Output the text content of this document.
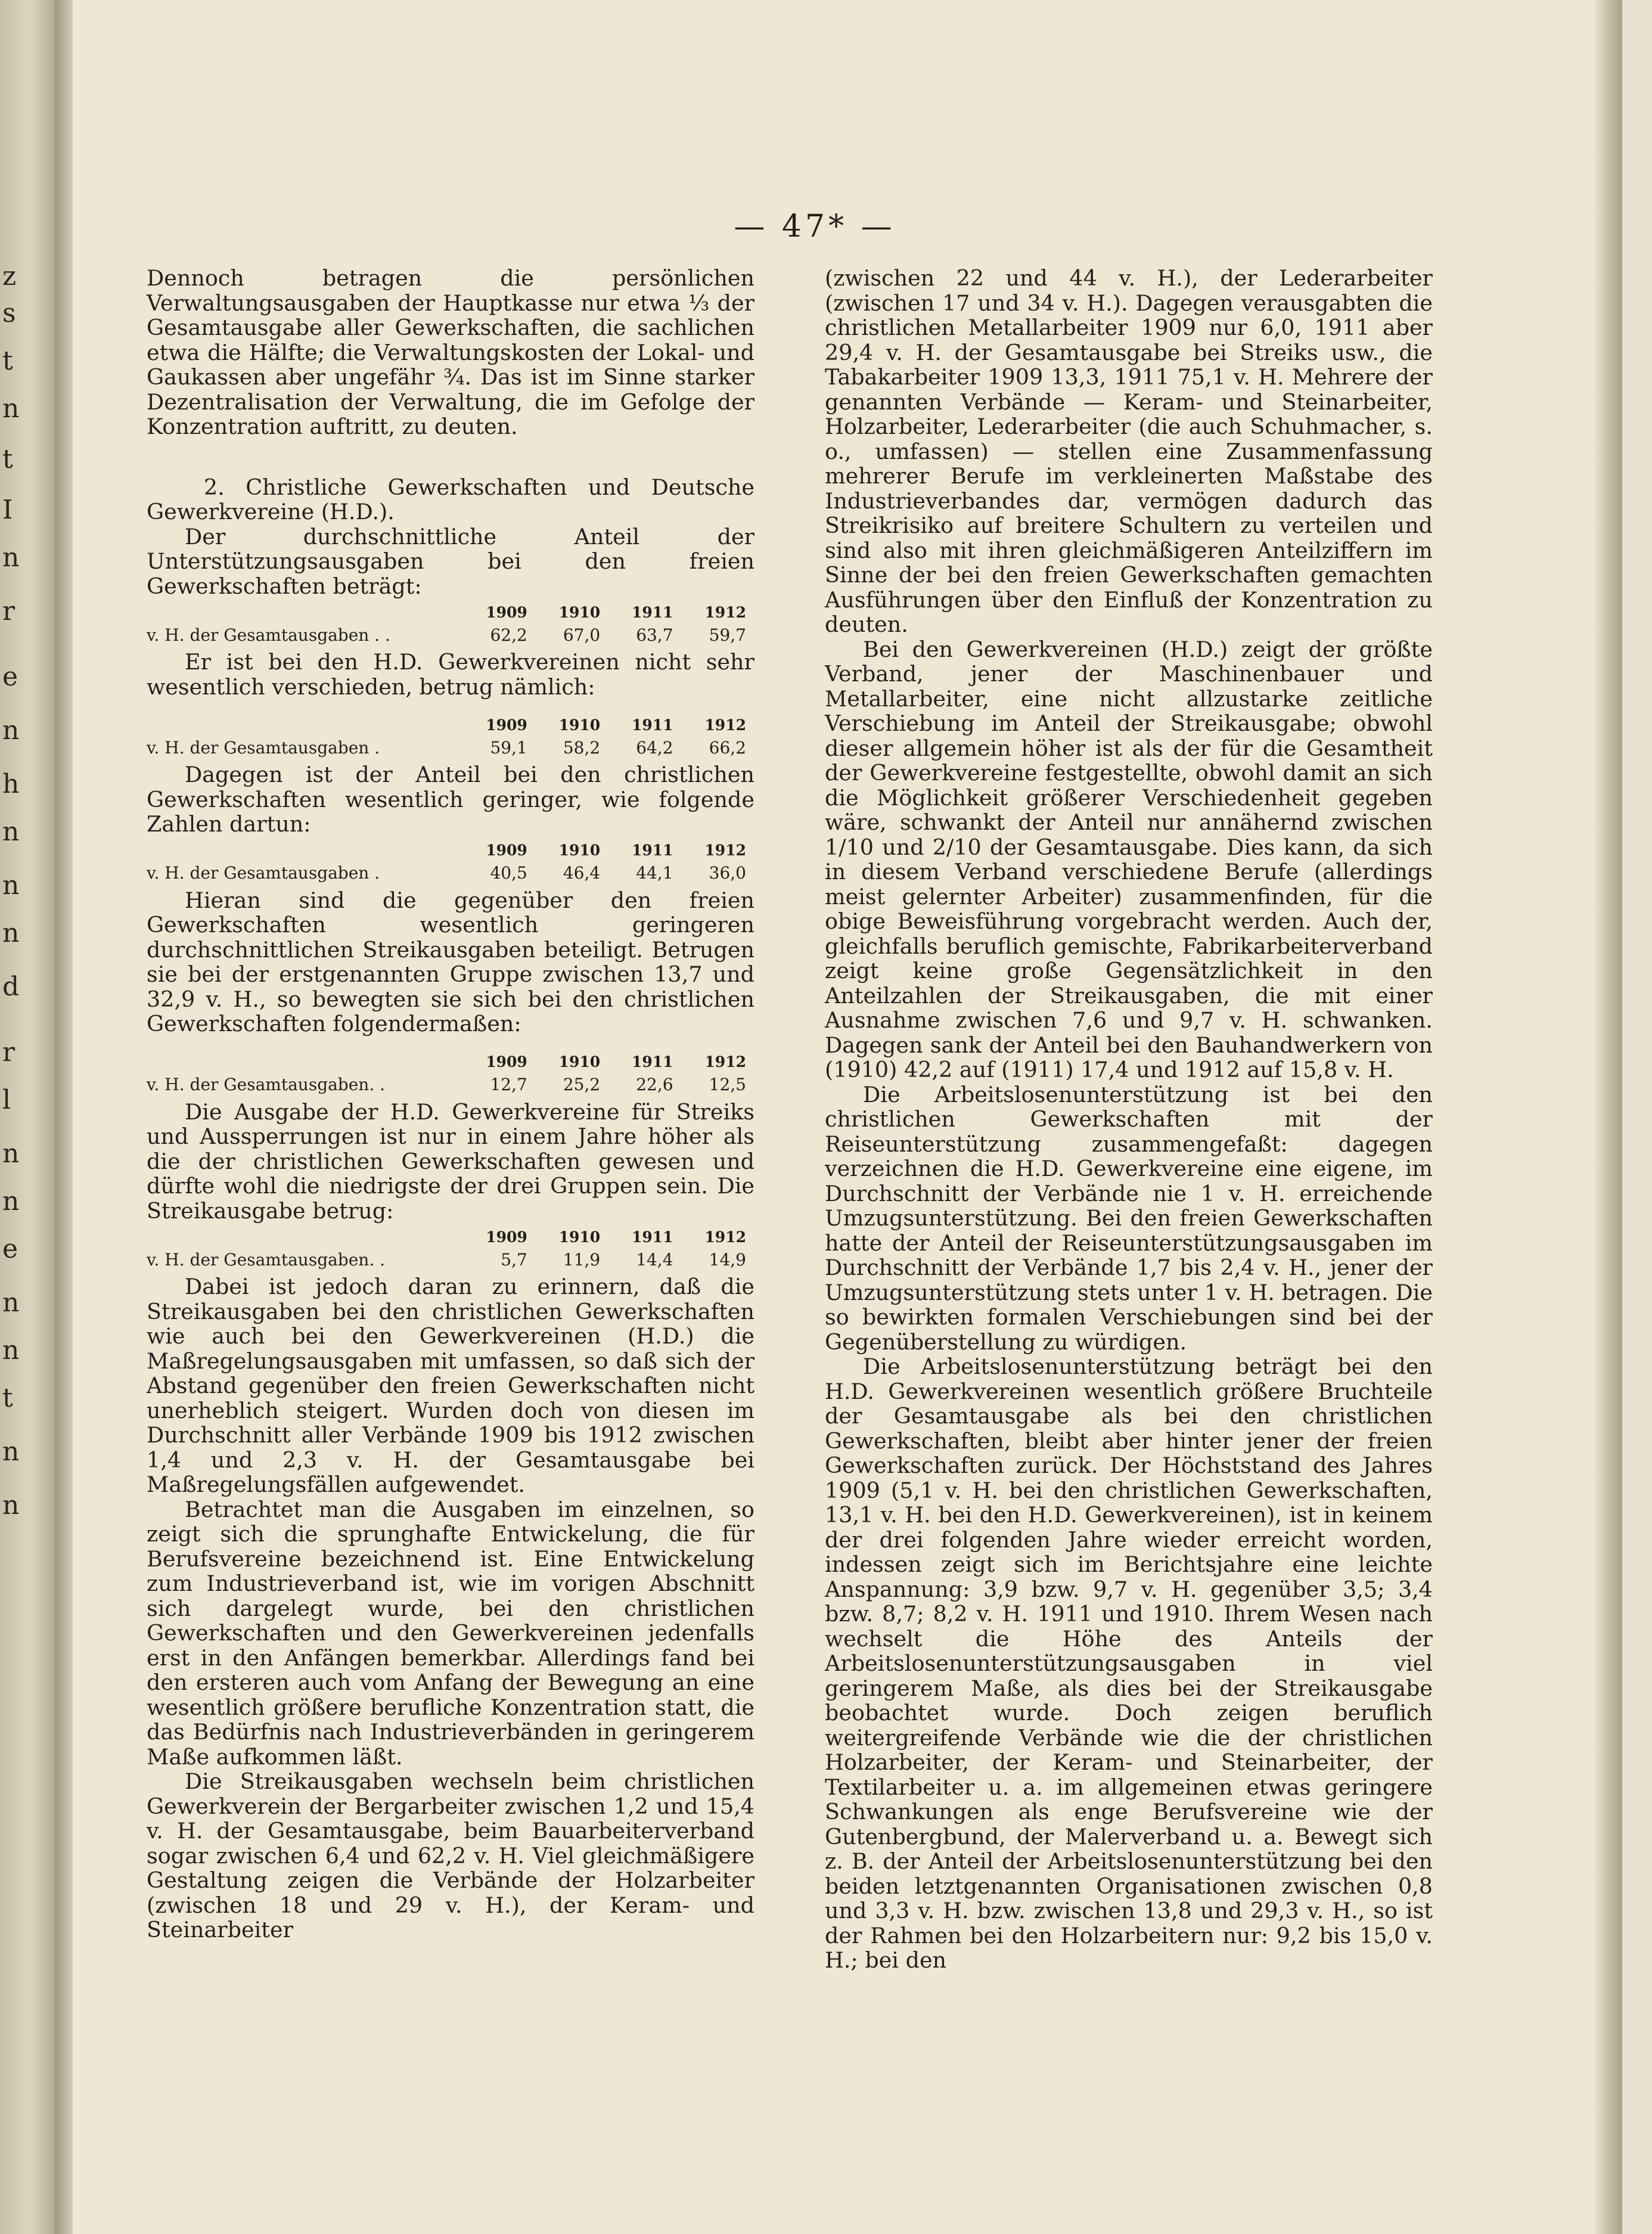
z
s
t
n
t
I
n
r
e
n
h
n
n
n
d
r
l
n
n
e
n
n
t
n
n
— 47* —

Dennoch betragen die persönlichen Verwaltungsausgaben der Hauptkasse nur etwa ⅓ der Gesamtausgabe aller Gewerkschaften, die sachlichen etwa die Hälfte; die Verwaltungskosten der Lokal- und Gaukassen aber ungefähr ¾. Das ist im Sinne starker Dezentralisation der Verwaltung, die im Gefolge der Konzentration auftritt, zu deuten.

2. Christliche Gewerkschaften und Deutsche Gewerkvereine (H.D.).

Der durchschnittliche Anteil der Unterstützungsausgaben bei den freien Gewerkschaften beträgt:

	1909	1910	1911	1912
v. H. der Gesamtausgaben . .	62,2	67,0	63,7	59,7

Er ist bei den H.D. Gewerkvereinen nicht sehr wesentlich verschieden, betrug nämlich:

	1909	1910	1911	1912
v. H. der Gesamtausgaben .	59,1	58,2	64,2	66,2

Dagegen ist der Anteil bei den christlichen Gewerkschaften wesentlich geringer, wie folgende Zahlen dartun:

	1909	1910	1911	1912
v. H. der Gesamtausgaben .	40,5	46,4	44,1	36,0

Hieran sind die gegenüber den freien Gewerkschaften wesentlich geringeren durchschnittlichen Streikausgaben beteiligt. Betrugen sie bei der erstgenannten Gruppe zwischen 13,7 und 32,9 v. H., so bewegten sie sich bei den christlichen Gewerkschaften folgendermaßen:

	1909	1910	1911	1912
v. H. der Gesamtausgaben. .	12,7	25,2	22,6	12,5

Die Ausgabe der H.D. Gewerkvereine für Streiks und Aussperrungen ist nur in einem Jahre höher als die der christlichen Gewerkschaften gewesen und dürfte wohl die niedrigste der drei Gruppen sein. Die Streikausgabe betrug:

	1909	1910	1911	1912
v. H. der Gesamtausgaben. .	5,7	11,9	14,4	14,9

Dabei ist jedoch daran zu erinnern, daß die Streikausgaben bei den christlichen Gewerkschaften wie auch bei den Gewerkvereinen (H.D.) die Maßregelungsausgaben mit umfassen, so daß sich der Abstand gegenüber den freien Gewerkschaften nicht unerheblich steigert. Wurden doch von diesen im Durchschnitt aller Verbände 1909 bis 1912 zwischen 1,4 und 2,3 v. H. der Gesamtausgabe bei Maßregelungsfällen aufgewendet.

Betrachtet man die Ausgaben im einzelnen, so zeigt sich die sprunghafte Entwickelung, die für Berufsvereine bezeichnend ist. Eine Entwickelung zum Industrieverband ist, wie im vorigen Abschnitt sich dargelegt wurde, bei den christlichen Gewerkschaften und den Gewerkvereinen jedenfalls erst in den Anfängen bemerkbar. Allerdings fand bei den ersteren auch vom Anfang der Bewegung an eine wesentlich größere berufliche Konzentration statt, die das Bedürfnis nach Industrieverbänden in geringerem Maße aufkommen läßt.

Die Streikausgaben wechseln beim christlichen Gewerkverein der Bergarbeiter zwischen 1,2 und 15,4 v. H. der Gesamtausgabe, beim Bauarbeiterverband sogar zwischen 6,4 und 62,2 v. H. Viel gleichmäßigere Gestaltung zeigen die Verbände der Holzarbeiter (zwischen 18 und 29 v. H.), der Keram- und Steinarbeiter

(zwischen 22 und 44 v. H.), der Lederarbeiter (zwischen 17 und 34 v. H.). Dagegen verausgabten die christlichen Metallarbeiter 1909 nur 6,0, 1911 aber 29,4 v. H. der Gesamtausgabe bei Streiks usw., die Tabakarbeiter 1909 13,3, 1911 75,1 v. H. Mehrere der genannten Verbände — Keram- und Steinarbeiter, Holzarbeiter, Lederarbeiter (die auch Schuhmacher, s. o., umfassen) — stellen eine Zusammenfassung mehrerer Berufe im verkleinerten Maßstabe des Industrieverbandes dar, vermögen dadurch das Streikrisiko auf breitere Schultern zu verteilen und sind also mit ihren gleichmäßigeren Anteilziffern im Sinne der bei den freien Gewerkschaften gemachten Ausführungen über den Einfluß der Konzentration zu deuten.

Bei den Gewerkvereinen (H.D.) zeigt der größte Verband, jener der Maschinenbauer und Metallarbeiter, eine nicht allzustarke zeitliche Verschiebung im Anteil der Streikausgabe; obwohl dieser allgemein höher ist als der für die Gesamtheit der Gewerkvereine festgestellte, obwohl damit an sich die Möglichkeit größerer Verschiedenheit gegeben wäre, schwankt der Anteil nur annähernd zwischen 1/10 und 2/10 der Gesamtausgabe. Dies kann, da sich in diesem Verband verschiedene Berufe (allerdings meist gelernter Arbeiter) zusammenfinden, für die obige Beweisführung vorgebracht werden. Auch der, gleichfalls beruflich gemischte, Fabrikarbeiterverband zeigt keine große Gegensätzlichkeit in den Anteilzahlen der Streikausgaben, die mit einer Ausnahme zwischen 7,6 und 9,7 v. H. schwanken. Dagegen sank der Anteil bei den Bauhandwerkern von (1910) 42,2 auf (1911) 17,4 und 1912 auf 15,8 v. H.

Die Arbeitslosenunterstützung ist bei den christlichen Gewerkschaften mit der Reiseunterstützung zusammengefaßt: dagegen verzeichnen die H.D. Gewerkvereine eine eigene, im Durchschnitt der Verbände nie 1 v. H. erreichende Umzugsunterstützung. Bei den freien Gewerkschaften hatte der Anteil der Reiseunterstützungsausgaben im Durchschnitt der Verbände 1,7 bis 2,4 v. H., jener der Umzugsunterstützung stets unter 1 v. H. betragen. Die so bewirkten formalen Verschiebungen sind bei der Gegenüberstellung zu würdigen.

Die Arbeitslosenunterstützung beträgt bei den H.D. Gewerkvereinen wesentlich größere Bruchteile der Gesamtausgabe als bei den christlichen Gewerkschaften, bleibt aber hinter jener der freien Gewerkschaften zurück. Der Höchststand des Jahres 1909 (5,1 v. H. bei den christlichen Gewerkschaften, 13,1 v. H. bei den H.D. Gewerkvereinen), ist in keinem der drei folgenden Jahre wieder erreicht worden, indessen zeigt sich im Berichtsjahre eine leichte Anspannung: 3,9 bzw. 9,7 v. H. gegenüber 3,5; 3,4 bzw. 8,7; 8,2 v. H. 1911 und 1910. Ihrem Wesen nach wechselt die Höhe des Anteils der Arbeitslosenunterstützungsausgaben in viel geringerem Maße, als dies bei der Streikausgabe beobachtet wurde. Doch zeigen beruflich weitergreifende Verbände wie die der christlichen Holzarbeiter, der Keram- und Steinarbeiter, der Textilarbeiter u. a. im allgemeinen etwas geringere Schwankungen als enge Berufsvereine wie der Gutenbergbund, der Malerverband u. a. Bewegt sich z. B. der Anteil der Arbeitslosenunterstützung bei den beiden letztgenannten Organisationen zwischen 0,8 und 3,3 v. H. bzw. zwischen 13,8 und 29,3 v. H., so ist der Rahmen bei den Holzarbeitern nur: 9,2 bis 15,0 v. H.; bei den
